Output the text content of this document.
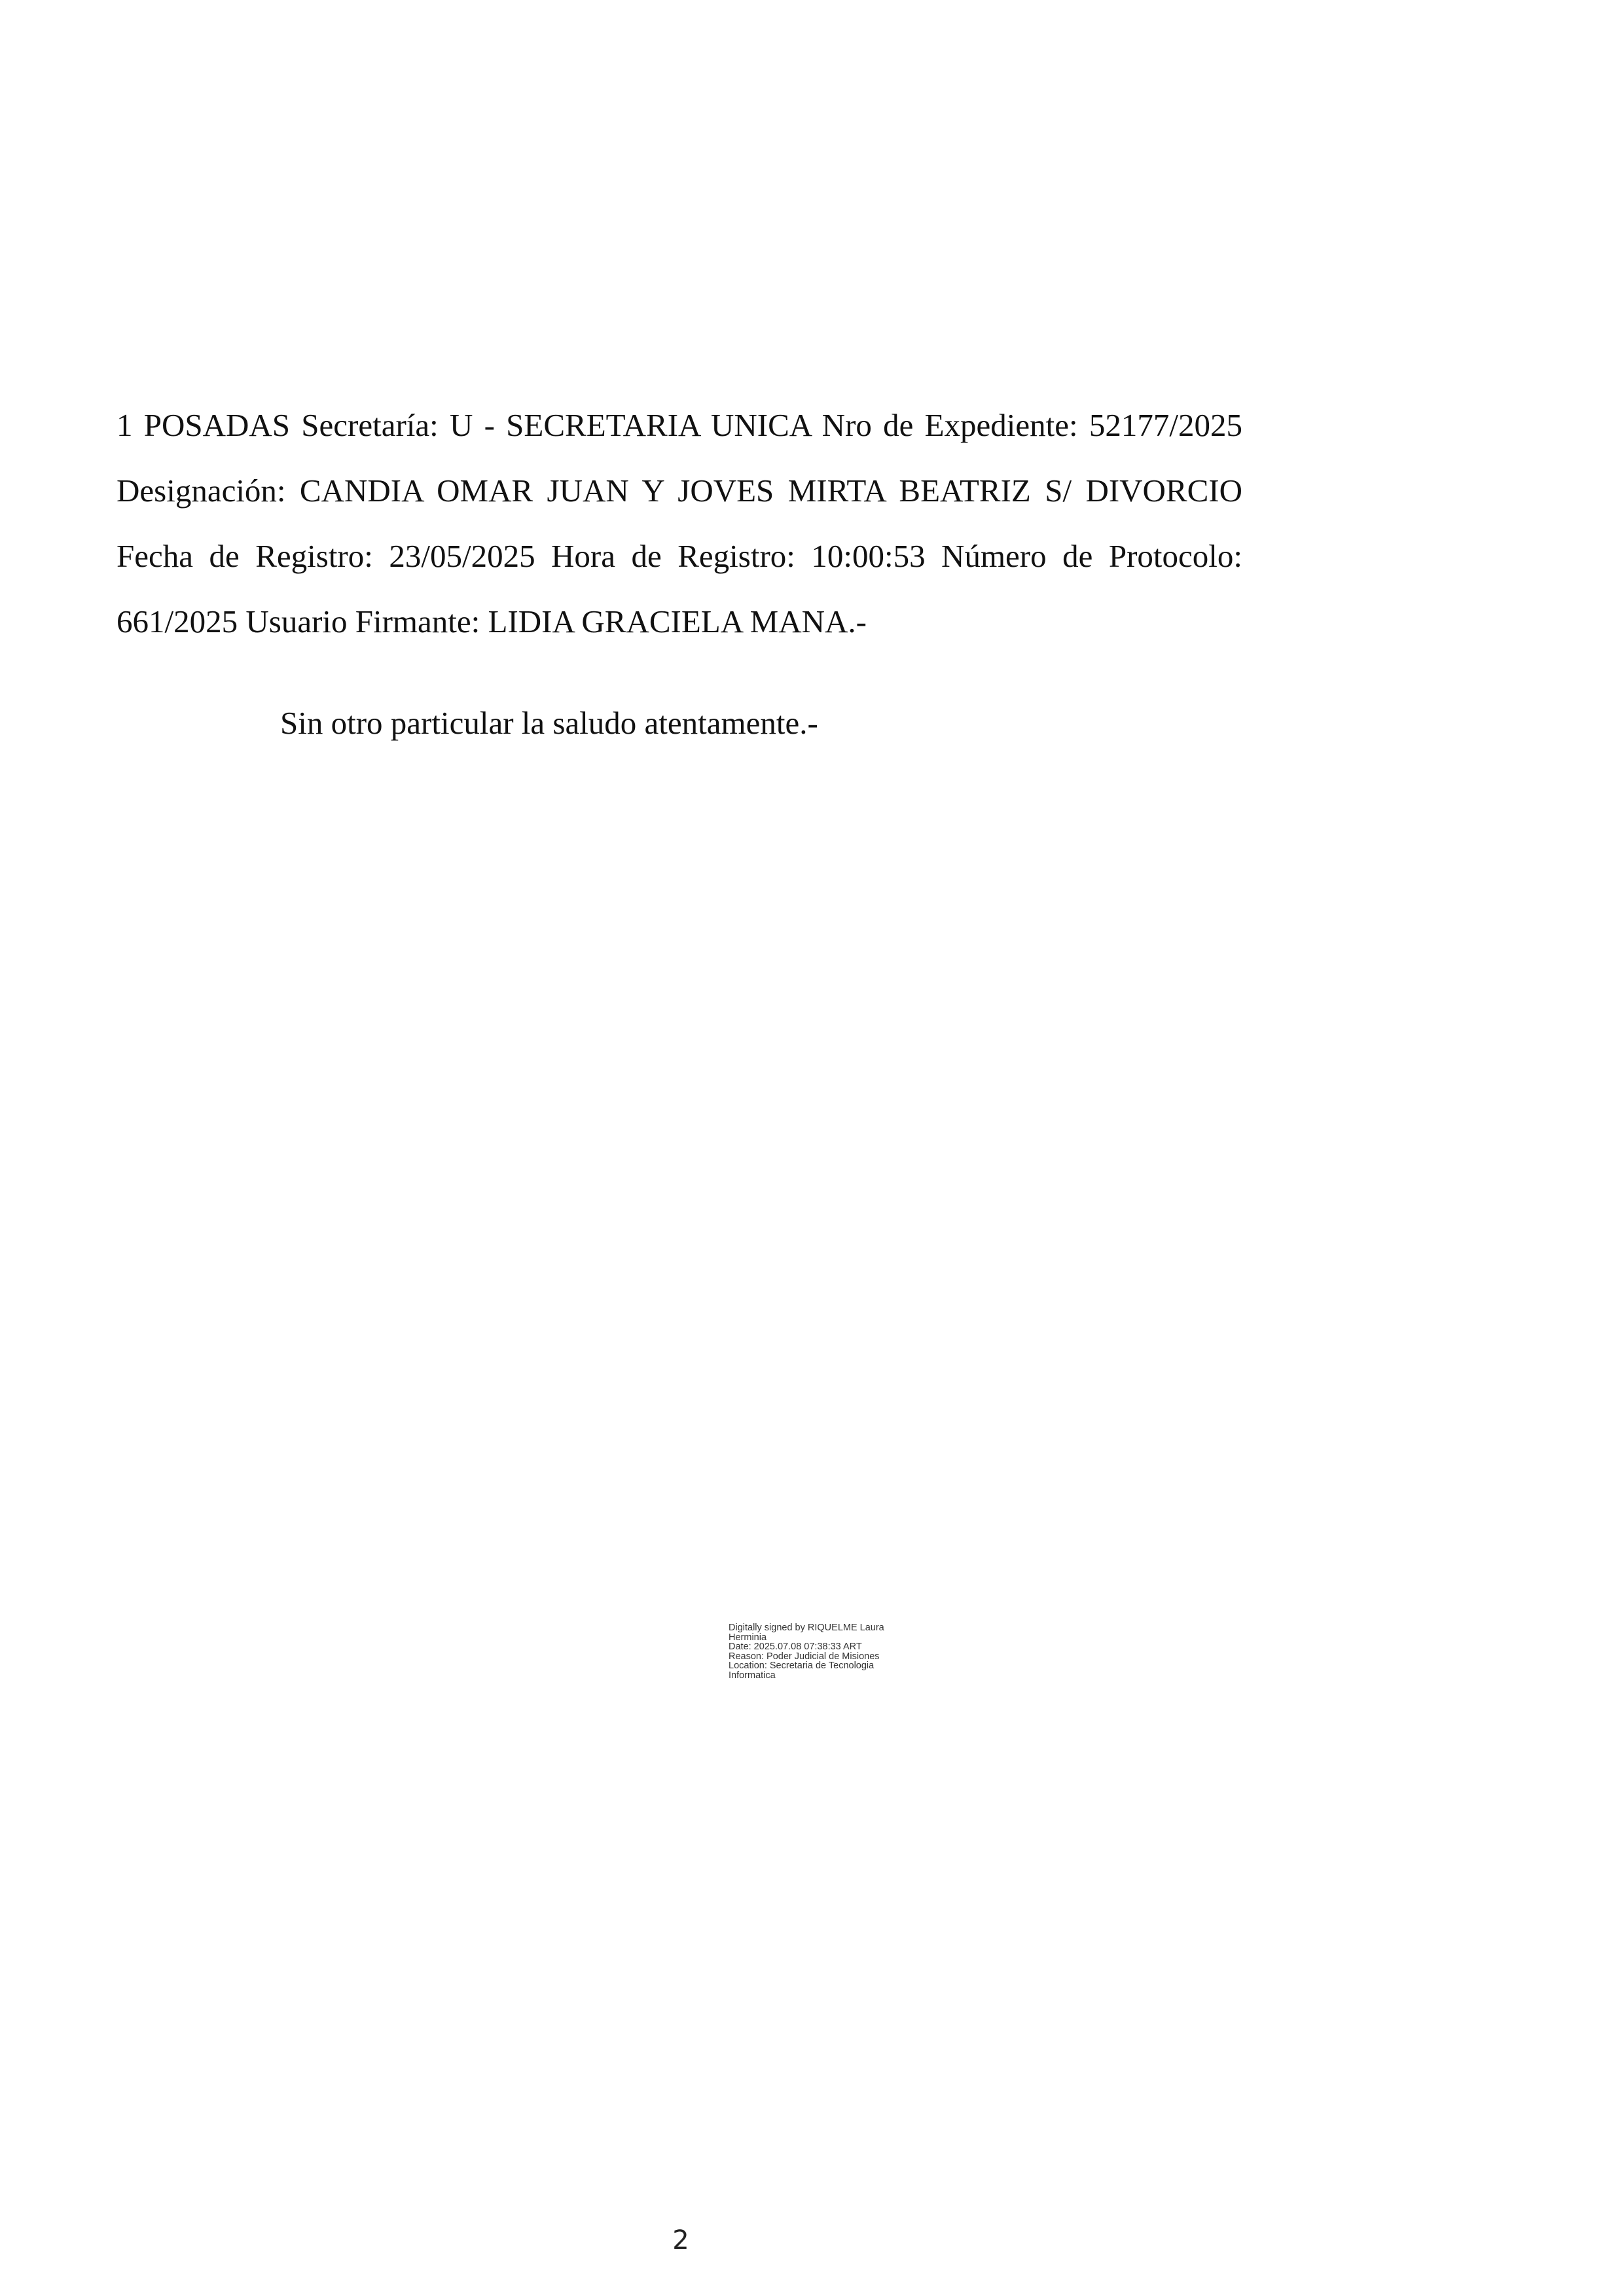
1 POSADAS Secretaría: U - SECRETARIA UNICA Nro de Expediente: 52177/2025
Designación: CANDIA OMAR JUAN Y JOVES MIRTA BEATRIZ S/ DIVORCIO
Fecha de Registro: 23/05/2025 Hora de Registro: 10:00:53 Número de Protocolo:
661/2025 Usuario Firmante: LIDIA GRACIELA MANA.-
Sin otro particular la saludo atentamente.-
Digitally signed by RIQUELME Laura
Herminia
Date: 2025.07.08 07:38:33 ART
Reason: Poder Judicial de Misiones
Location: Secretaria de Tecnologia
Informatica
2
